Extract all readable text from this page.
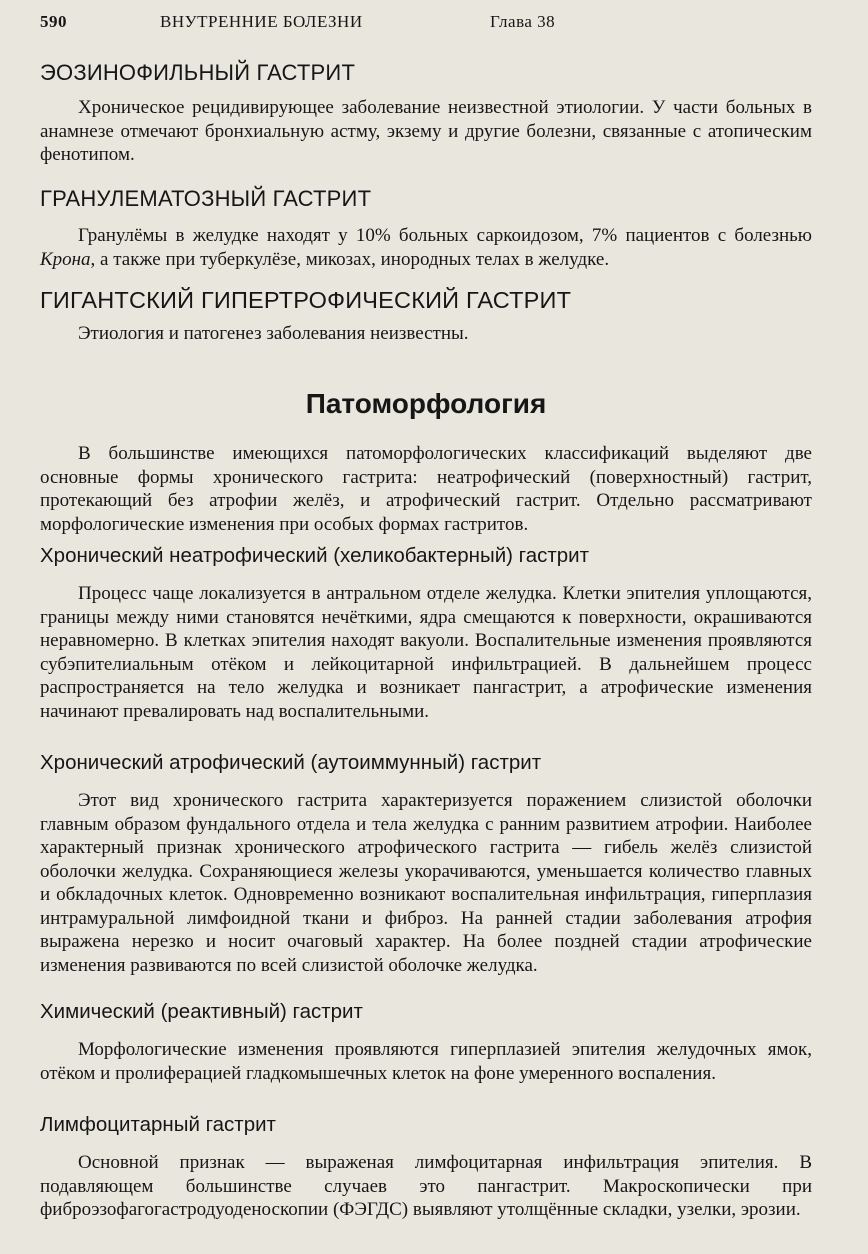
590	ВНУТРЕННИЕ БОЛЕЗНИ	Глава 38
ЭОЗИНОФИЛЬНЫЙ ГАСТРИТ

Хроническое рецидивирующее заболевание неизвестной этиологии. У части больных в анамнезе отмечают бронхиальную астму, экзему и другие болезни, связанные с атопическим фенотипом.

ГРАНУЛЕМАТОЗНЫЙ ГАСТРИТ

Гранулёмы в желудке находят у 10% больных саркоидозом, 7% пациентов с болезнью Крона, а также при туберкулёзе, микозах, инородных телах в желудке.

ГИГАНТСКИЙ ГИПЕРТРОФИЧЕСКИЙ ГАСТРИТ

Этиология и патогенез заболевания неизвестны.

Патоморфология

В большинстве имеющихся патоморфологических классификаций выделяют две основные формы хронического гастрита: неатрофический (поверхностный) гастрит, протекающий без атрофии желёз, и атрофический гастрит. Отдельно рассматривают морфологические изменения при особых формах гастритов.

Хронический неатрофический (хеликобактерный) гастрит

Процесс чаще локализуется в антральном отделе желудка. Клетки эпителия уплощаются, границы между ними становятся нечёткими, ядра смещаются к поверхности, окрашиваются неравномерно. В клетках эпителия находят вакуоли. Воспалительные изменения проявляются субэпителиальным отёком и лейкоцитарной инфильтрацией. В дальнейшем процесс распространяется на тело желудка и возникает пангастрит, а атрофические изменения начинают превалировать над воспалительными.

Хронический атрофический (аутоиммунный) гастрит

Этот вид хронического гастрита характеризуется поражением слизистой оболочки главным образом фундального отдела и тела желудка с ранним развитием атрофии. Наиболее характерный признак хронического атрофического гастрита — гибель желёз слизистой оболочки желудка. Сохраняющиеся железы укорачиваются, уменьшается количество главных и обкладочных клеток. Одновременно возникают воспалительная инфильтрация, гиперплазия интрамуральной лимфоидной ткани и фиброз. На ранней стадии заболевания атрофия выражена нерезко и носит очаговый характер. На более поздней стадии атрофические изменения развиваются по всей слизистой оболочке желудка.

Химический (реактивный) гастрит

Морфологические изменения проявляются гиперплазией эпителия желудочных ямок, отёком и пролиферацией гладкомышечных клеток на фоне умеренного воспаления.

Лимфоцитарный гастрит

Основной признак — выраженая лимфоцитарная инфильтрация эпителия. В подавляющем большинстве случаев это пангастрит. Макроскопически при фиброэзофагогастродуоденоскопии (ФЭГДС) выявляют утолщённые складки, узелки, эрозии.
